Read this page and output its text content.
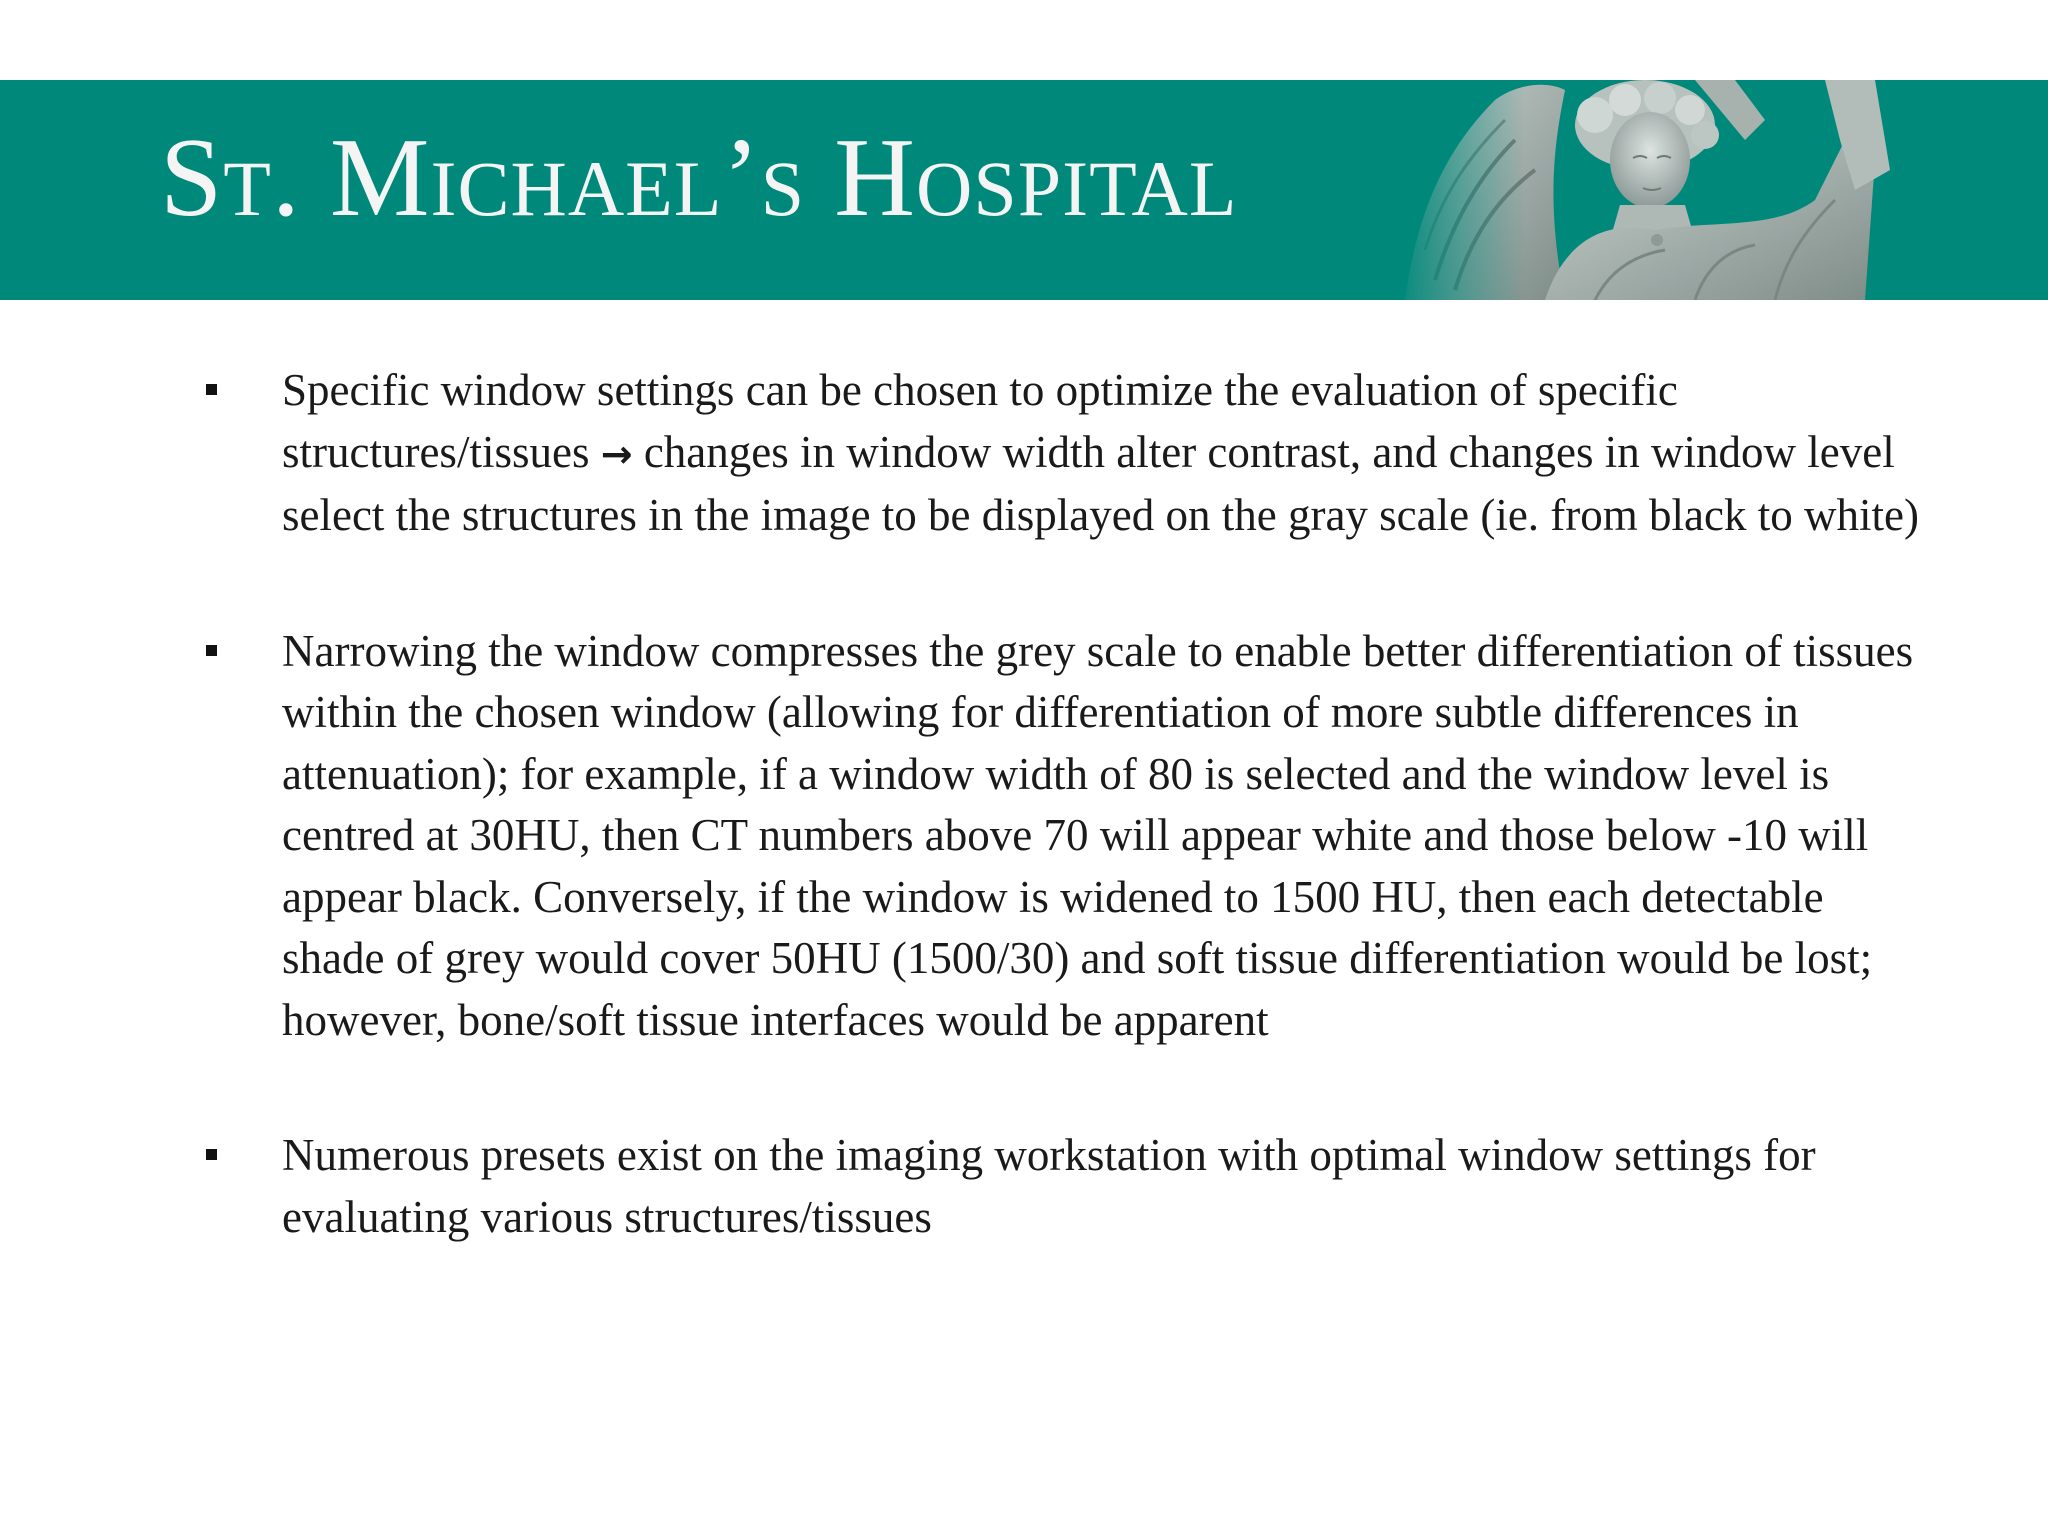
St. Michael’s Hospital

Specific window settings can be chosen to optimize the evaluation of specific structures/tissues → changes in window width alter contrast, and changes in window level select the structures in the image to be displayed on the gray scale (ie. from black to white)

Narrowing the window compresses the grey scale to enable better differentiation of tissues within the chosen window (allowing for differentiation of more subtle differences in attenuation); for example, if a window width of 80 is selected and the window level is centred at 30HU, then CT numbers above 70 will appear white and those below -10 will appear black. Conversely, if the window is widened to 1500 HU, then each detectable shade of grey would cover 50HU (1500/30) and soft tissue differentiation would be lost; however, bone/soft tissue interfaces would be apparent

Numerous presets exist on the imaging workstation with optimal window settings for evaluating various structures/tissues
